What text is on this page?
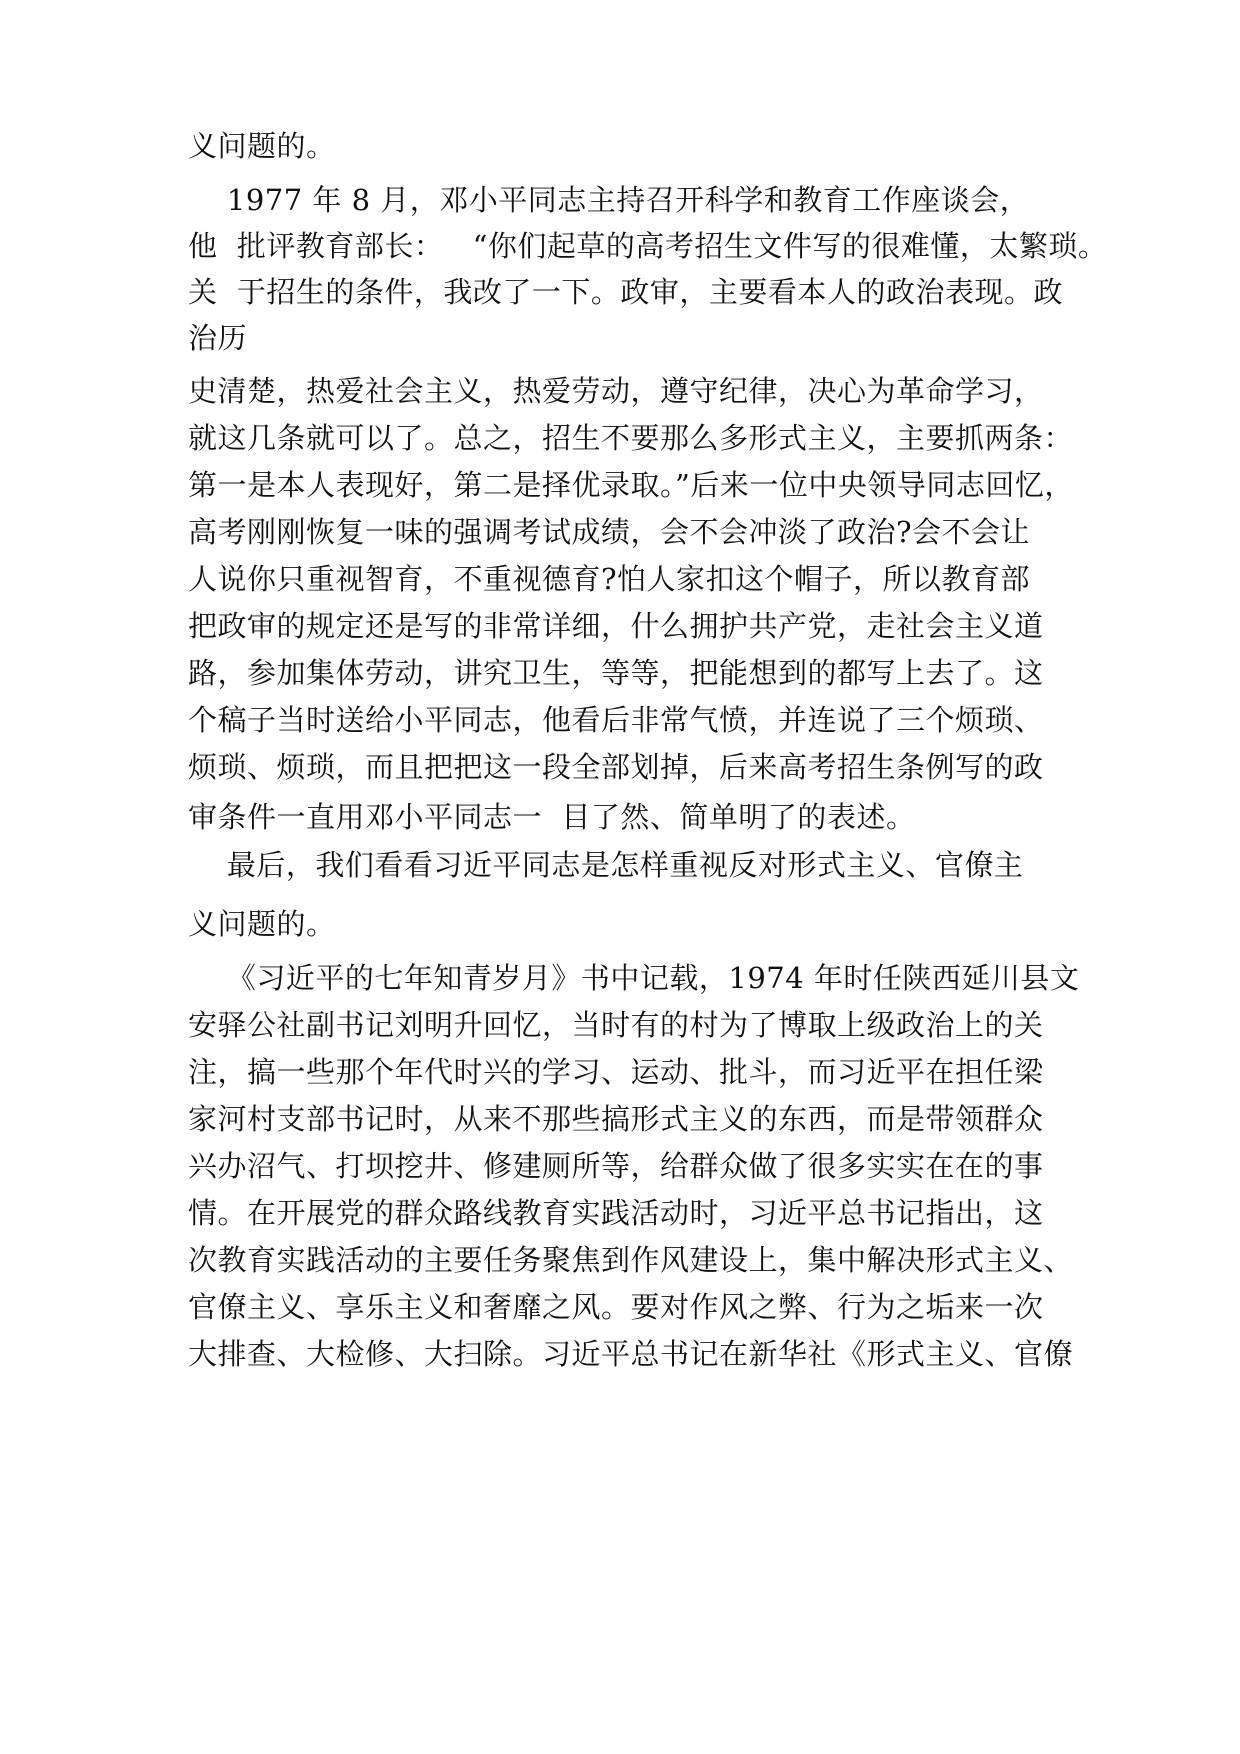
义问题的。

1977 年 8 月，邓小平同志主持召开科学和教育工作座谈会，

他  批评教育部长：   “你们起草的高考招生文件写的很难懂，太繁琐。

关  于招生的条件，我改了一下。政审，主要看本人的政治表现。政

治历

史清楚，热爱社会主义，热爱劳动，遵守纪律，决心为革命学习，

就这几条就可以了。总之，招生不要那么多形式主义，主要抓两条：

第一是本人表现好，第二是择优录取。”后来一位中央领导同志回忆，

高考刚刚恢复一味的强调考试成绩，会不会冲淡了政治?会不会让

人说你只重视智育，不重视德育?怕人家扣这个帽子，所以教育部

把政审的规定还是写的非常详细，什么拥护共产党，走社会主义道

路，参加集体劳动，讲究卫生，等等，把能想到的都写上去了。这

个稿子当时送给小平同志，他看后非常气愤，并连说了三个烦琐、

烦琐、烦琐，而且把把这一段全部划掉，后来高考招生条例写的政

审条件一直用邓小平同志一  目了然、简单明了的表述。

最后，我们看看习近平同志是怎样重视反对形式主义、官僚主

义问题的。

《习近平的七年知青岁月》书中记载，1974 年时任陕西延川县文

安驿公社副书记刘明升回忆，当时有的村为了博取上级政治上的关

注，搞一些那个年代时兴的学习、运动、批斗，而习近平在担任梁

家河村支部书记时，从来不那些搞形式主义的东西，而是带领群众

兴办沼气、打坝挖井、修建厕所等，给群众做了很多实实在在的事

情。在开展党的群众路线教育实践活动时，习近平总书记指出，这

次教育实践活动的主要任务聚焦到作风建设上，集中解决形式主义、

官僚主义、享乐主义和奢靡之风。要对作风之弊、行为之垢来一次

大排查、大检修、大扫除。习近平总书记在新华社《形式主义、官僚
